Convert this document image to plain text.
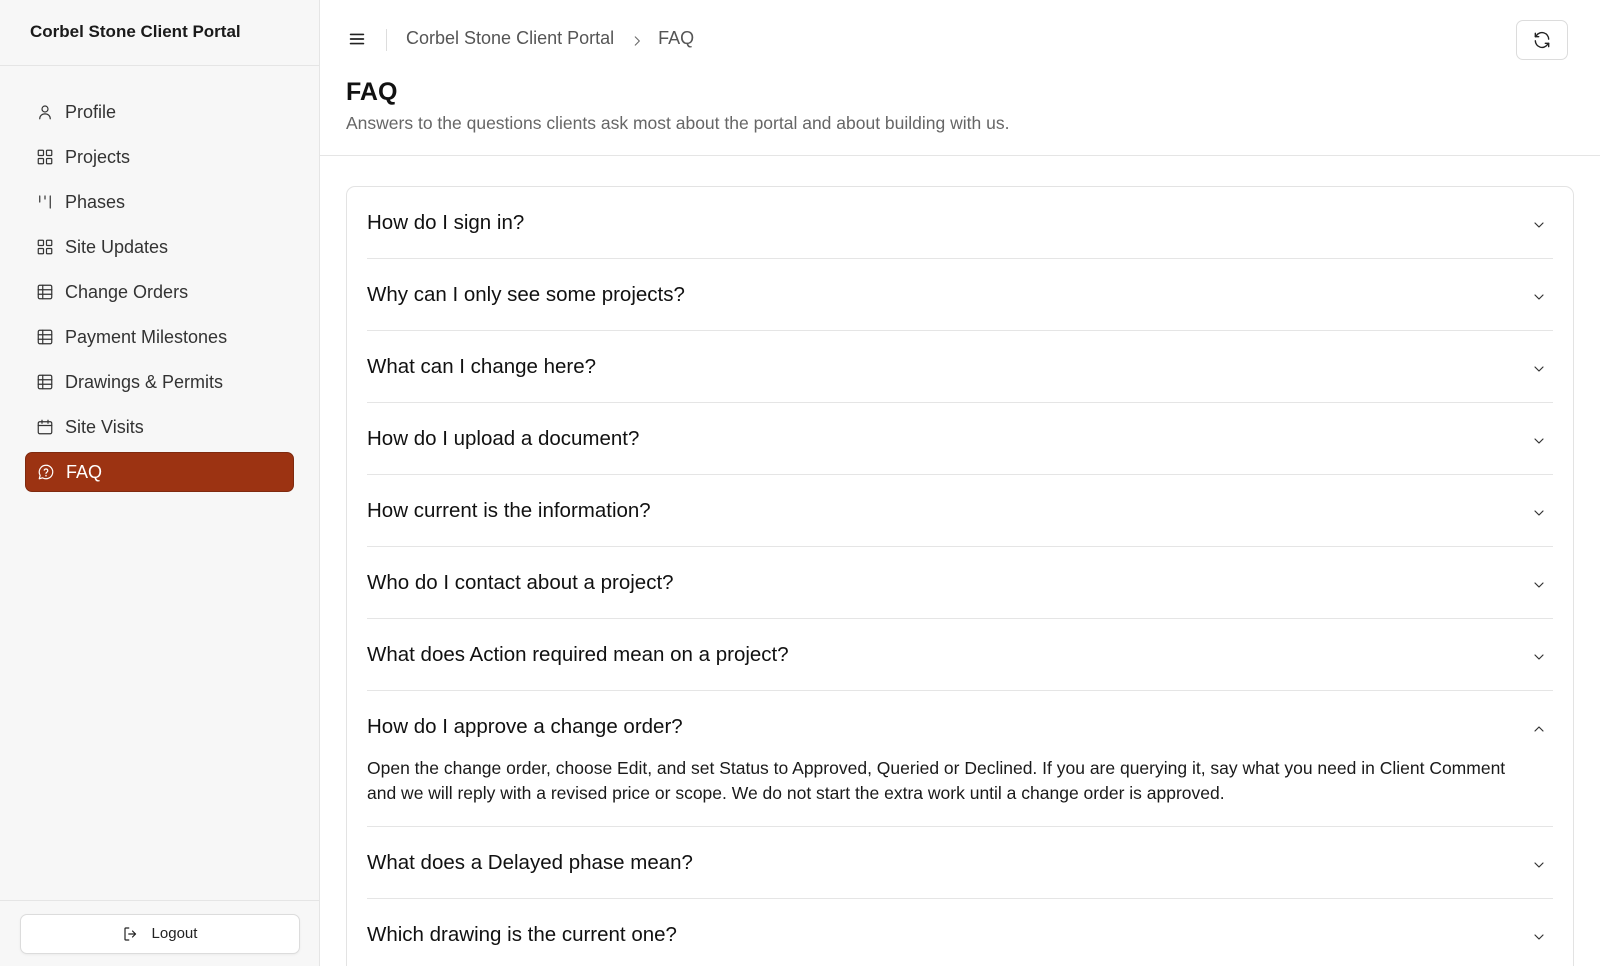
Corbel Stone Client Portal
Profile
Projects
Phases
Site Updates
Change Orders
Payment Milestones
Drawings & Permits
Site Visits
FAQ
Logout
Corbel Stone Client Portal FAQ
FAQ

Answers to the questions clients ask most about the portal and about building with us.

How do I sign in?
Why can I only see some projects?
What can I change here?
How do I upload a document?
How current is the information?
Who do I contact about a project?
What does Action required mean on a project?
How do I approve a change order?
Open the change order, choose Edit, and set Status to Approved, Queried or Declined. If you are querying it, say what you need in Client Comment and we will reply with a revised price or scope. We do not start the extra work until a change order is approved.
What does a Delayed phase mean?
Which drawing is the current one?
